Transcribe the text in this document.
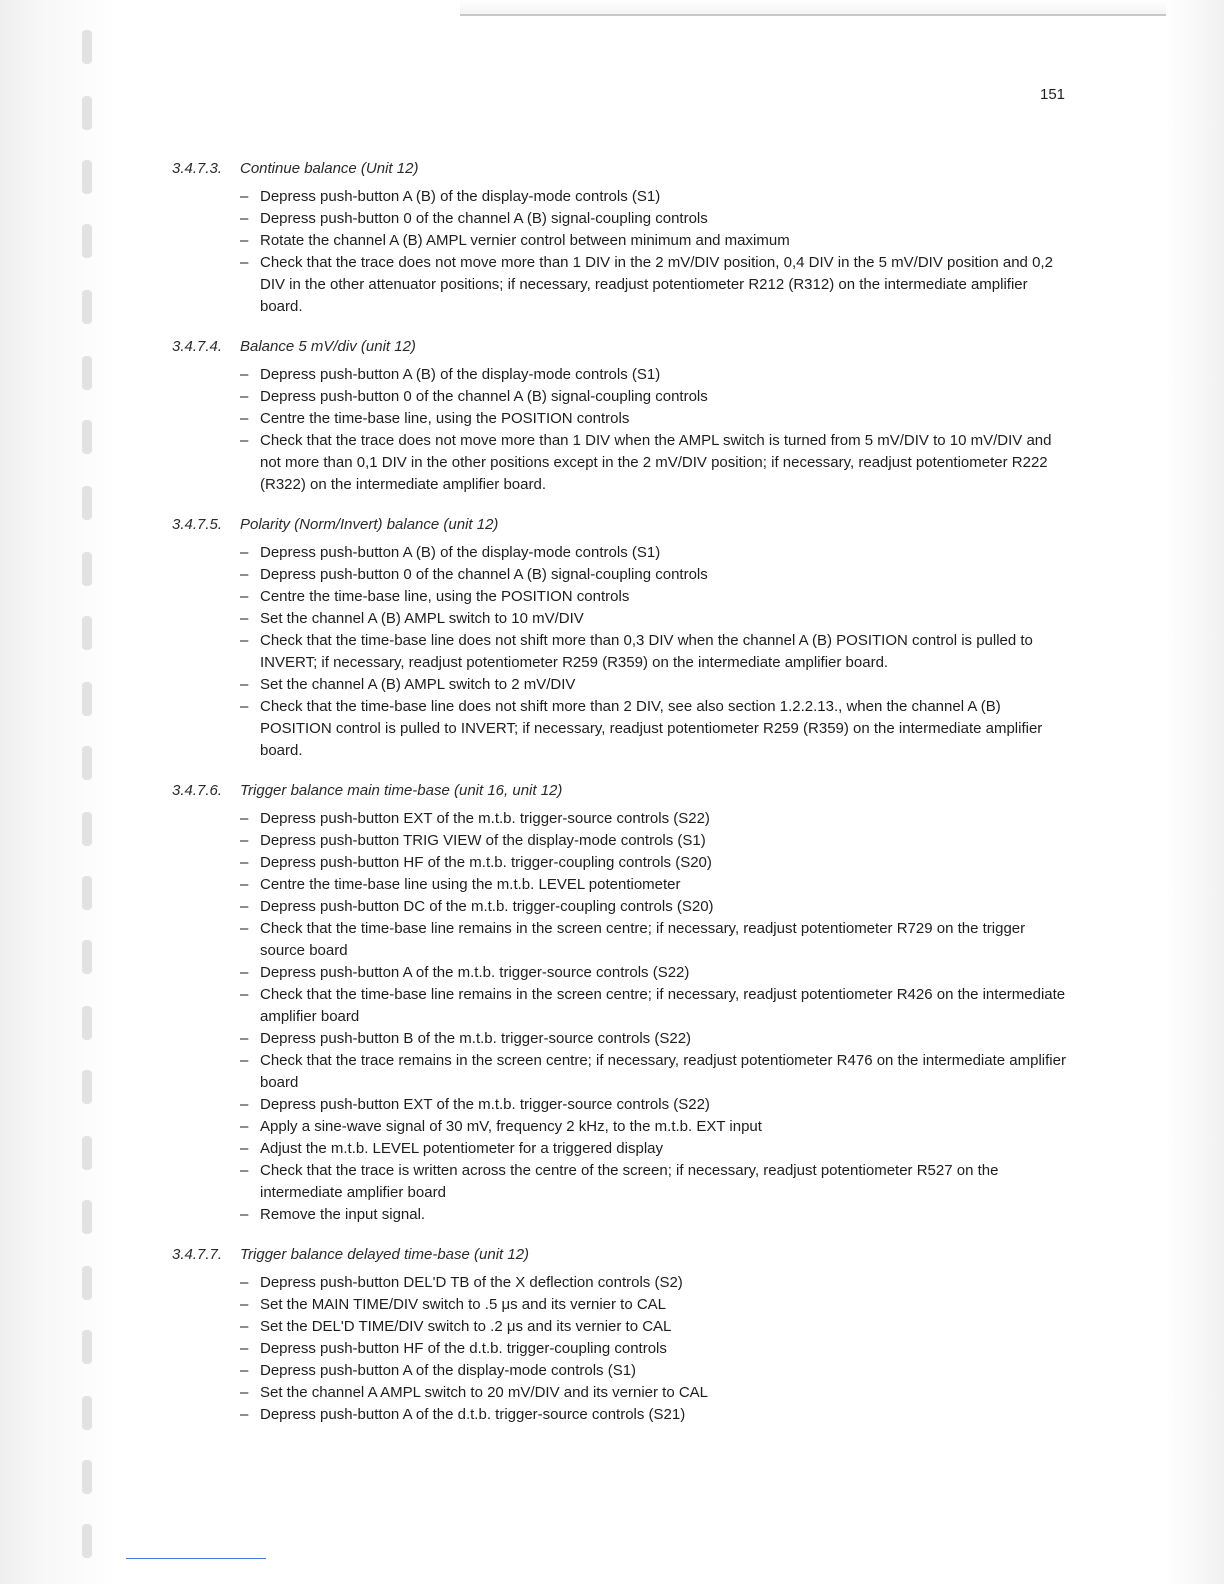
151
3.4.7.3. Continue balance (Unit 12)
– Depress push-button A (B) of the display-mode controls (S1)
– Depress push-button 0 of the channel A (B) signal-coupling controls
– Rotate the channel A (B) AMPL vernier control between minimum and maximum
– Check that the trace does not move more than 1 DIV in the 2 mV/DIV position, 0,4 DIV in the 5 mV/DIV position and 0,2 DIV in the other attenuator positions; if necessary, readjust potentiometer R212 (R312) on the intermediate amplifier board.
3.4.7.4. Balance 5 mV/div (unit 12)
– Depress push-button A (B) of the display-mode controls (S1)
– Depress push-button 0 of the channel A (B) signal-coupling controls
– Centre the time-base line, using the POSITION controls
– Check that the trace does not move more than 1 DIV when the AMPL switch is turned from 5 mV/DIV to 10 mV/DIV and not more than 0,1 DIV in the other positions except in the 2 mV/DIV position; if necessary, readjust potentiometer R222 (R322) on the intermediate amplifier board.
3.4.7.5. Polarity (Norm/Invert) balance (unit 12)
– Depress push-button A (B) of the display-mode controls (S1)
– Depress push-button 0 of the channel A (B) signal-coupling controls
– Centre the time-base line, using the POSITION controls
– Set the channel A (B) AMPL switch to 10 mV/DIV
– Check that the time-base line does not shift more than 0,3 DIV when the channel A (B) POSITION control is pulled to INVERT; if necessary, readjust potentiometer R259 (R359) on the intermediate amplifier board.
– Set the channel A (B) AMPL switch to 2 mV/DIV
– Check that the time-base line does not shift more than 2 DIV, see also section 1.2.2.13., when the channel A (B) POSITION control is pulled to INVERT; if necessary, readjust potentiometer R259 (R359) on the intermediate amplifier board.
3.4.7.6. Trigger balance main time-base (unit 16, unit 12)
– Depress push-button EXT of the m.t.b. trigger-source controls (S22)
– Depress push-button TRIG VIEW of the display-mode controls (S1)
– Depress push-button HF of the m.t.b. trigger-coupling controls (S20)
– Centre the time-base line using the m.t.b. LEVEL potentiometer
– Depress push-button DC of the m.t.b. trigger-coupling controls (S20)
– Check that the time-base line remains in the screen centre; if necessary, readjust potentiometer R729 on the trigger source board
– Depress push-button A of the m.t.b. trigger-source controls (S22)
– Check that the time-base line remains in the screen centre; if necessary, readjust potentiometer R426 on the intermediate amplifier board
– Depress push-button B of the m.t.b. trigger-source controls (S22)
– Check that the trace remains in the screen centre; if necessary, readjust potentiometer R476 on the intermediate amplifier board
– Depress push-button EXT of the m.t.b. trigger-source controls (S22)
– Apply a sine-wave signal of 30 mV, frequency 2 kHz, to the m.t.b. EXT input
– Adjust the m.t.b. LEVEL potentiometer for a triggered display
– Check that the trace is written across the centre of the screen; if necessary, readjust potentiometer R527 on the intermediate amplifier board
– Remove the input signal.
3.4.7.7. Trigger balance delayed time-base (unit 12)
– Depress push-button DEL'D TB of the X deflection controls (S2)
– Set the MAIN TIME/DIV switch to .5 μs and its vernier to CAL
– Set the DEL'D TIME/DIV switch to .2 μs and its vernier to CAL
– Depress push-button HF of the d.t.b. trigger-coupling controls
– Depress push-button A of the display-mode controls (S1)
– Set the channel A AMPL switch to 20 mV/DIV and its vernier to CAL
– Depress push-button A of the d.t.b. trigger-source controls (S21)
